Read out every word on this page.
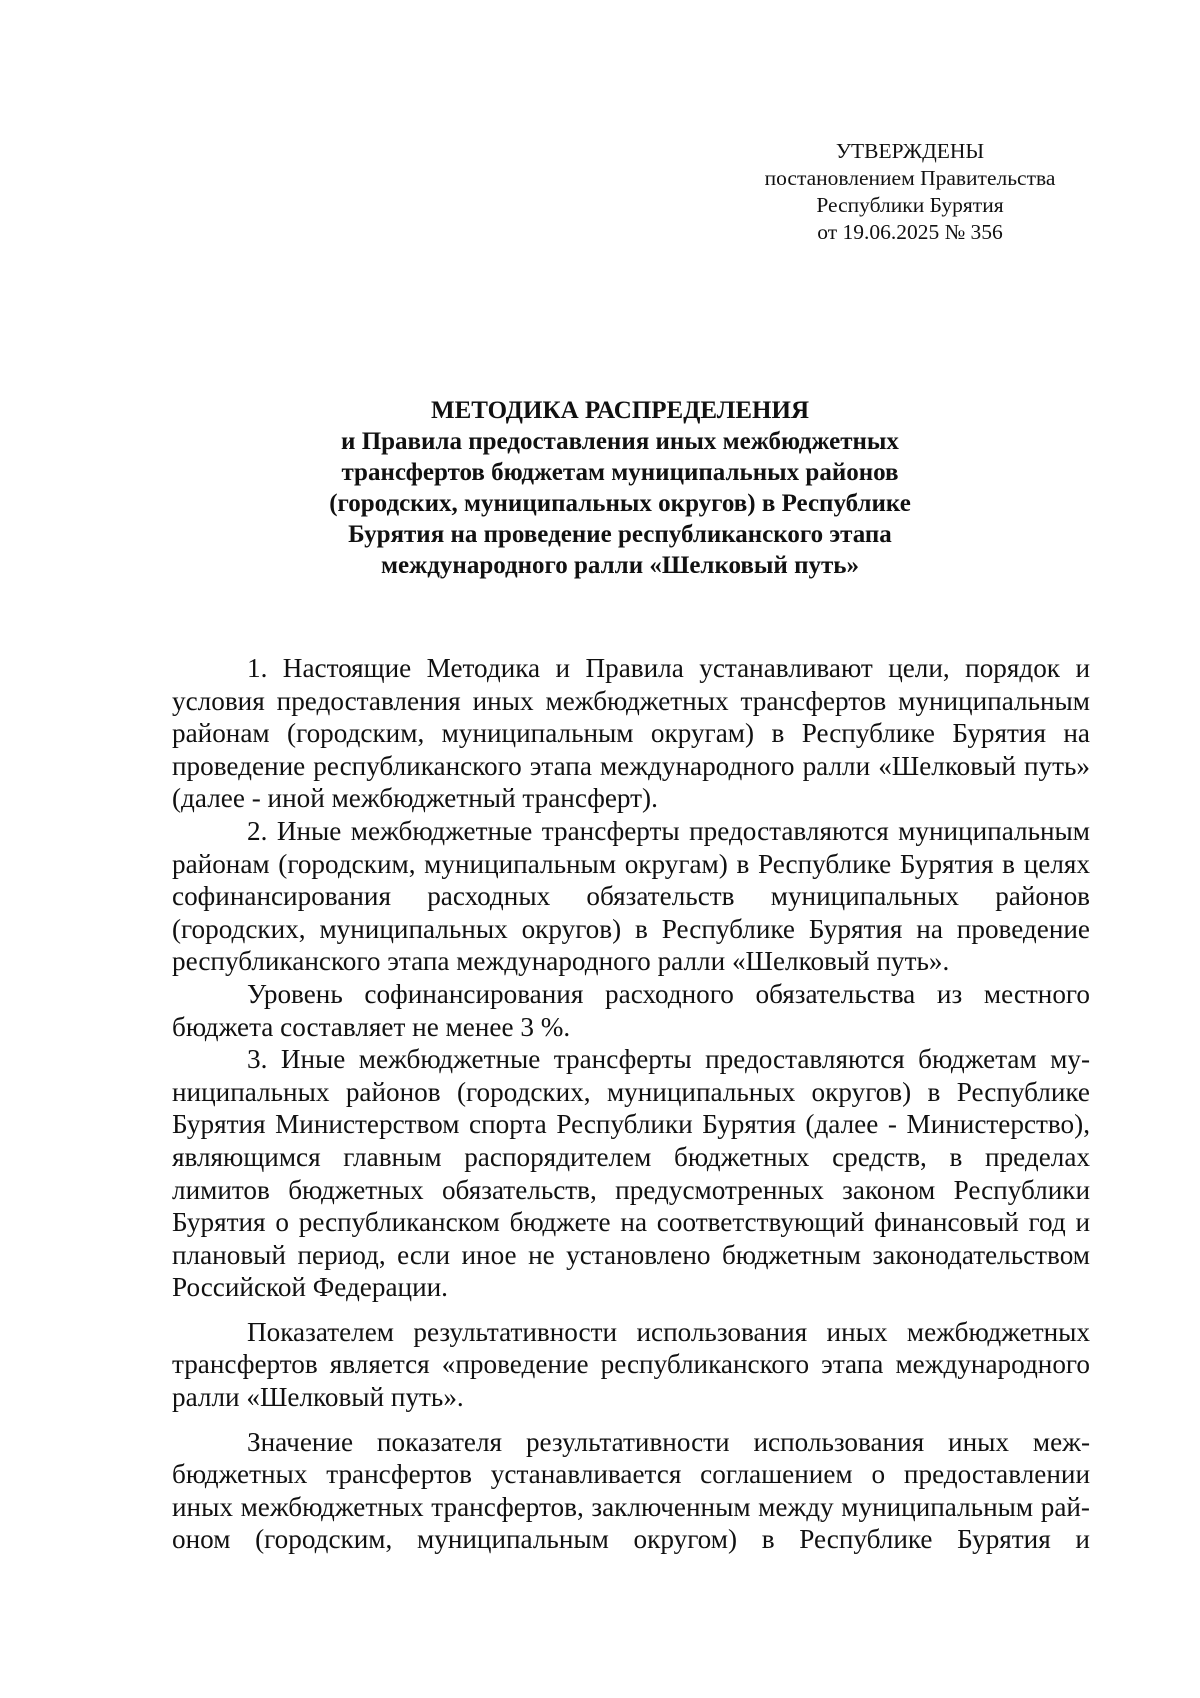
УТВЕРЖДЕНЫ
постановлением Правительства
Республики Бурятия
от 19.06.2025 № 356
МЕТОДИКА РАСПРЕДЕЛЕНИЯ
и Правила предоставления иных межбюджетных
трансфертов бюджетам муниципальных районов
(городских, муниципальных округов) в Республике
Бурятия на проведение республиканского этапа
международного ралли «Шелковый путь»

1. Настоящие Методика и Правила устанавливают цели, порядок и условия предоставления иных межбюджетных трансфертов муниципальным районам (городским, муниципальным округам) в Республике Бурятия на проведение республиканского этапа международного ралли «Шелковый путь» (далее - иной межбюджетный трансферт).

2. Иные межбюджетные трансферты предоставляются муниципальным районам (городским, муниципальным округам) в Республике Бурятия в целях софинансирования расходных обязательств муниципальных районов (городских, муниципальных округов) в Республике Бурятия на проведение республиканского этапа международного ралли «Шелковый путь».

Уровень софинансирования расходного обязательства из местного бюджета составляет не менее 3 %.

3. Иные межбюджетные трансферты предоставляются бюджетам муниципальных районов (городских, муниципальных округов) в Республике Бурятия Министерством спорта Республики Бурятия (далее - Министерство), являющимся главным распорядителем бюджетных средств, в пределах лимитов бюджетных обязательств, предусмотренных законом Республики Бурятия о республиканском бюджете на соответствующий финансовый год и плановый период, если иное не установлено бюджетным законодательством Российской Федерации.

Показателем результативности использования иных межбюджетных трансфертов является «проведение республиканского этапа международного ралли «Шелковый путь».

Значение показателя результативности использования иных межбюджетных трансфертов устанавливается соглашением о предоставлении иных межбюджетных трансфертов, заключенным между муниципальным рай-оном (городским, муниципальным округом) в Республике Бурятия и
